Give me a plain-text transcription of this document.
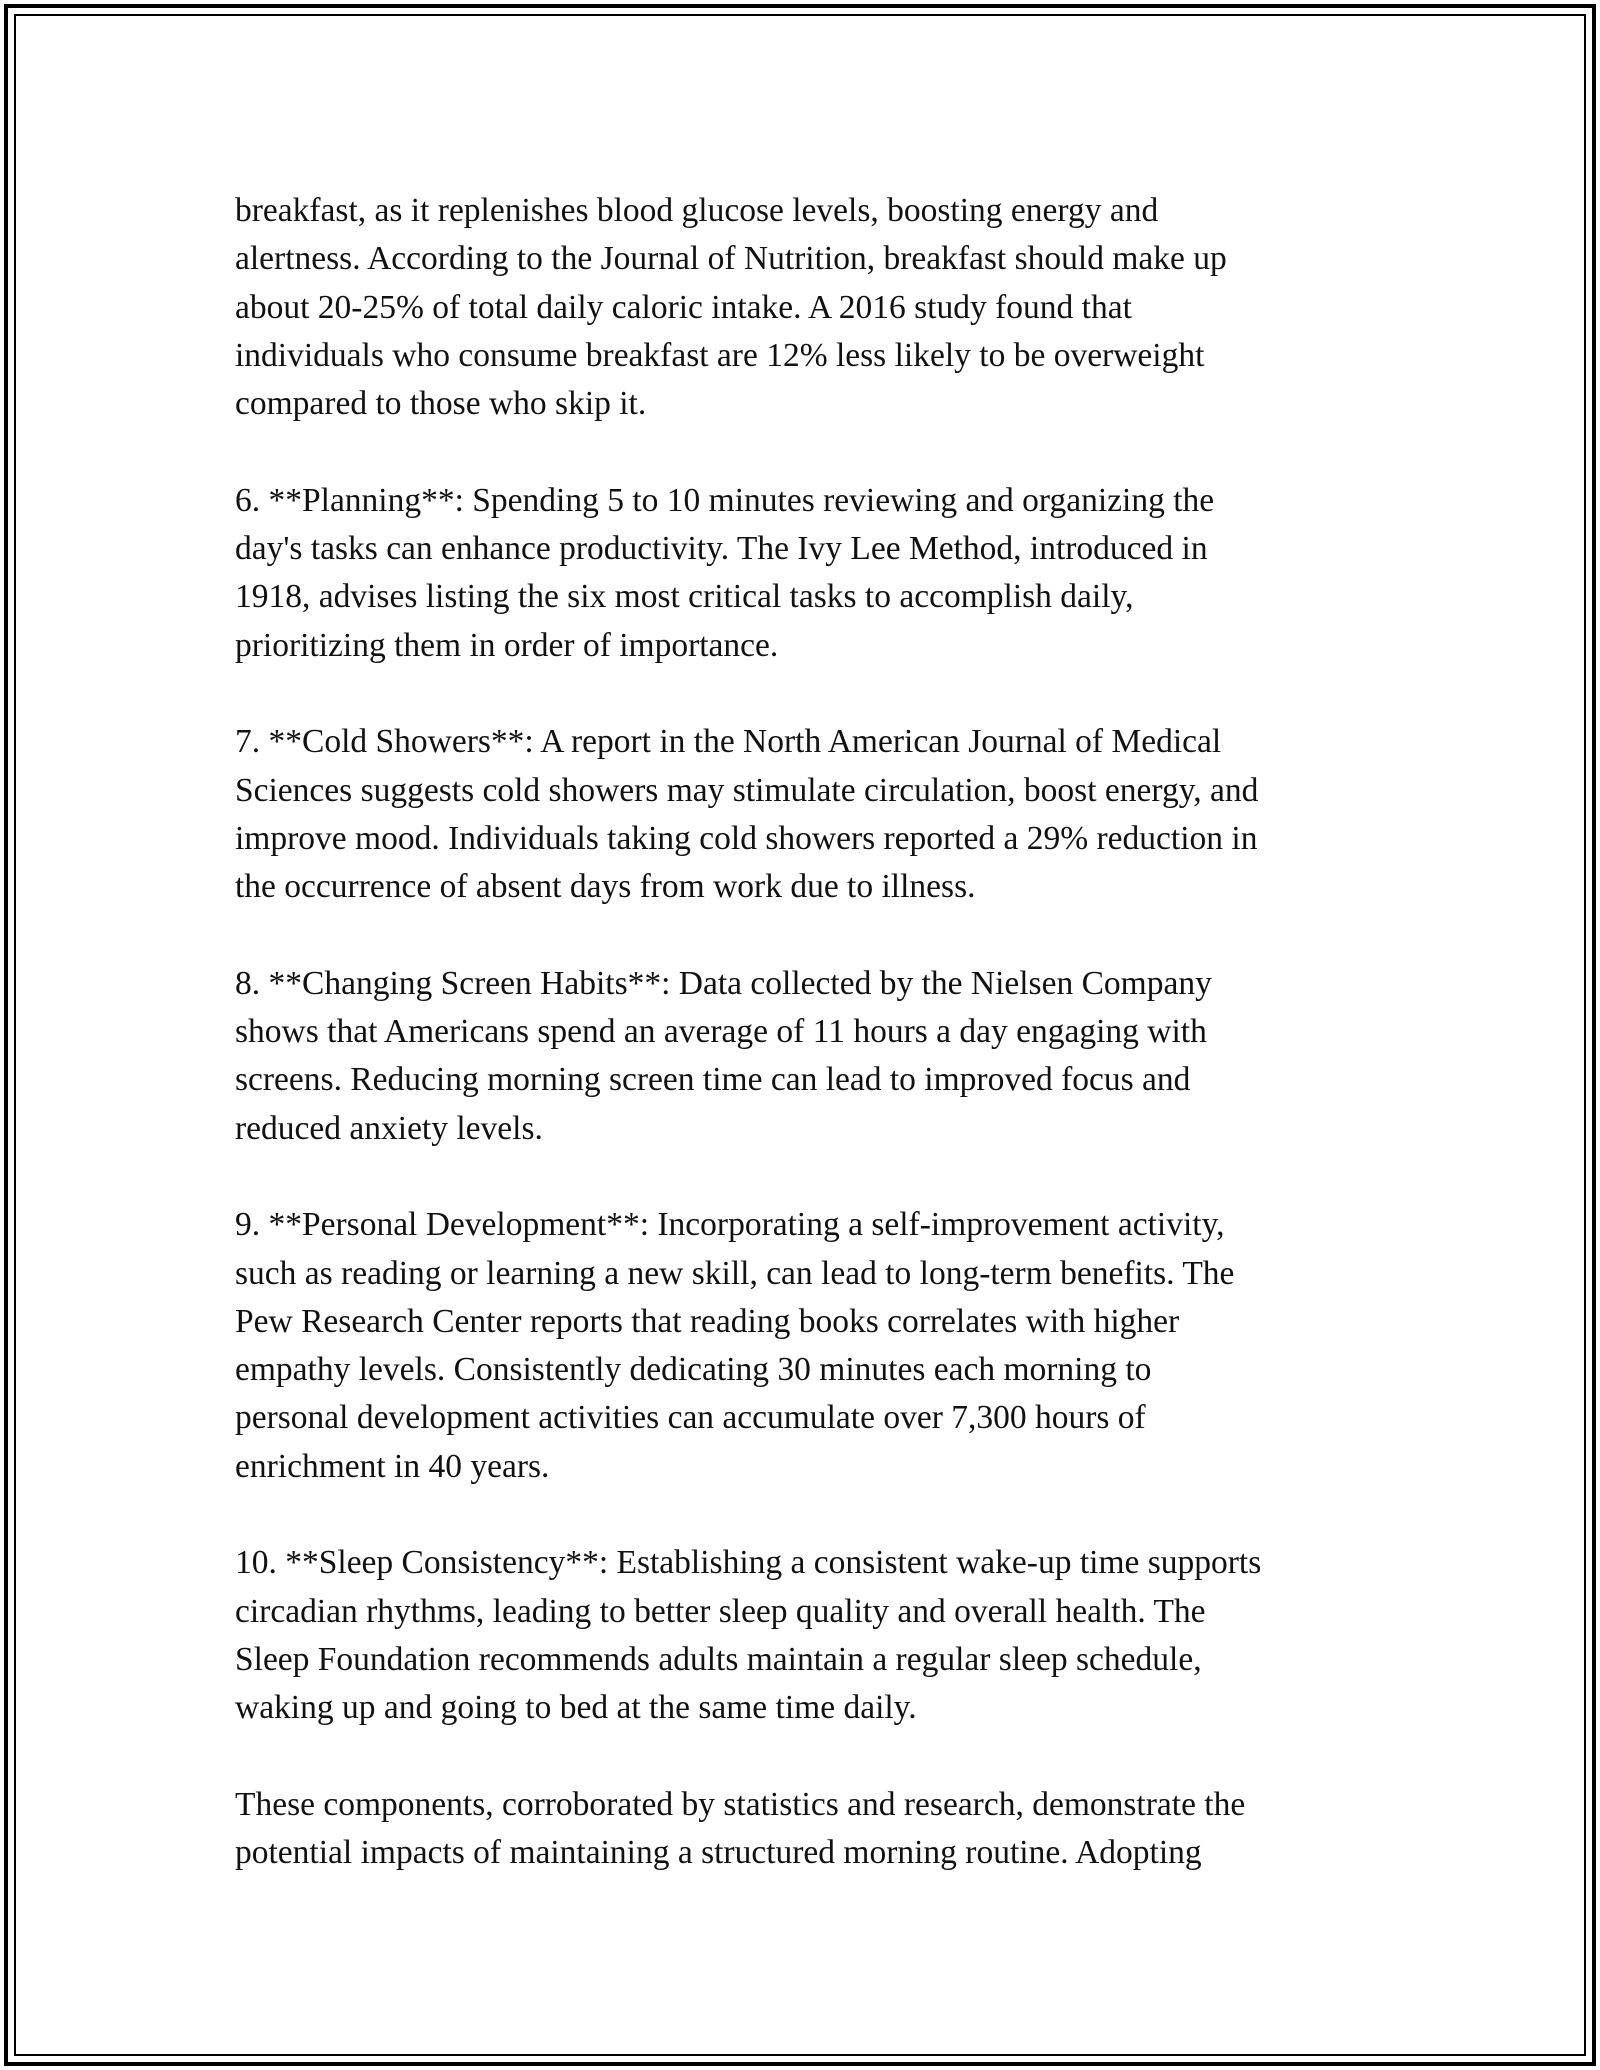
breakfast, as it replenishes blood glucose levels, boosting energy and
alertness. According to the Journal of Nutrition, breakfast should make up
about 20-25% of total daily caloric intake. A 2016 study found that
individuals who consume breakfast are 12% less likely to be overweight
compared to those who skip it.

6. **Planning**: Spending 5 to 10 minutes reviewing and organizing the
day's tasks can enhance productivity. The Ivy Lee Method, introduced in
1918, advises listing the six most critical tasks to accomplish daily,
prioritizing them in order of importance.

7. **Cold Showers**: A report in the North American Journal of Medical
Sciences suggests cold showers may stimulate circulation, boost energy, and
improve mood. Individuals taking cold showers reported a 29% reduction in
the occurrence of absent days from work due to illness.

8. **Changing Screen Habits**: Data collected by the Nielsen Company
shows that Americans spend an average of 11 hours a day engaging with
screens. Reducing morning screen time can lead to improved focus and
reduced anxiety levels.

9. **Personal Development**: Incorporating a self-improvement activity,
such as reading or learning a new skill, can lead to long-term benefits. The
Pew Research Center reports that reading books correlates with higher
empathy levels. Consistently dedicating 30 minutes each morning to
personal development activities can accumulate over 7,300 hours of
enrichment in 40 years.

10. **Sleep Consistency**: Establishing a consistent wake-up time supports
circadian rhythms, leading to better sleep quality and overall health. The
Sleep Foundation recommends adults maintain a regular sleep schedule,
waking up and going to bed at the same time daily.

These components, corroborated by statistics and research, demonstrate the
potential impacts of maintaining a structured morning routine. Adopting
